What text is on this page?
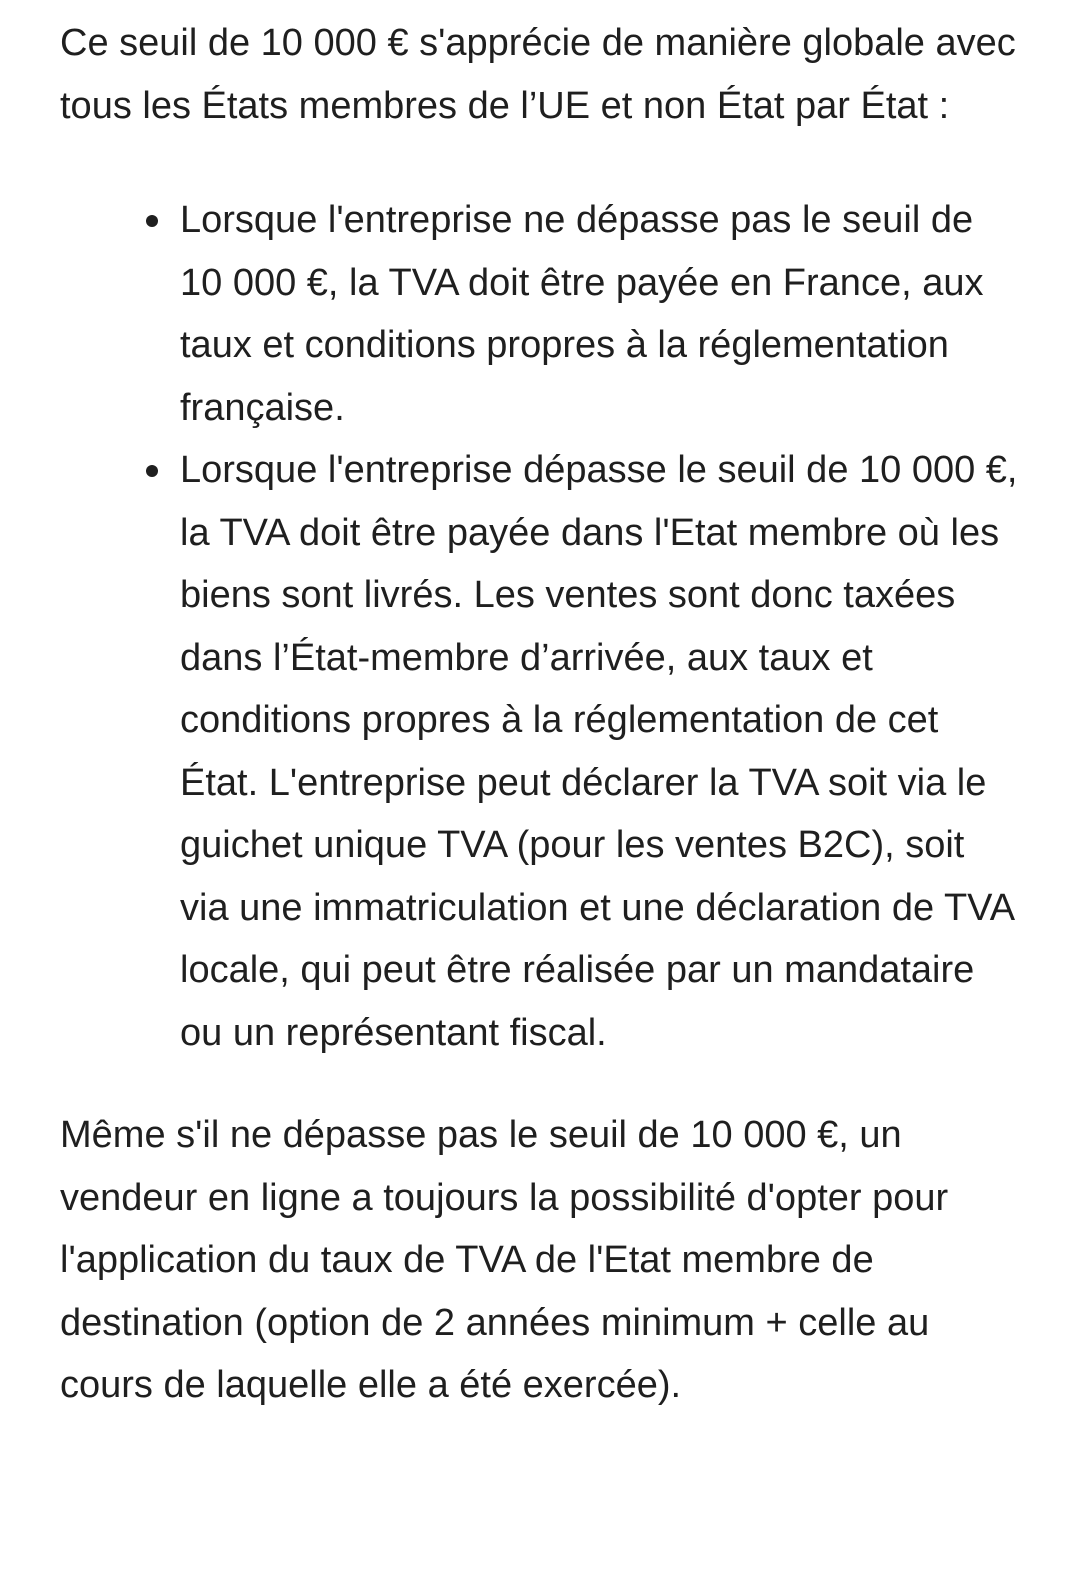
Ce seuil de 10 000 € s'apprécie de manière globale avec tous les États membres de l’UE et non État par État :

Lorsque l'entreprise ne dépasse pas le seuil de 10 000 €, la TVA doit être payée en France, aux taux et conditions propres à la réglementation française.
Lorsque l'entreprise dépasse le seuil de 10 000 €, la TVA doit être payée dans l'Etat membre où les biens sont livrés. Les ventes sont donc taxées dans l’État-membre d’arrivée, aux taux et conditions propres à la réglementation de cet État. L'entreprise peut déclarer la TVA soit via le guichet unique TVA (pour les ventes B2C), soit via une immatriculation et une déclaration de TVA locale, qui peut être réalisée par un mandataire ou un représentant fiscal.

Même s'il ne dépasse pas le seuil de 10 000 €, un vendeur en ligne a toujours la possibilité d'opter pour l'application du taux de TVA de l'Etat membre de destination (option de 2 années minimum + celle au cours de laquelle elle a été exercée).
